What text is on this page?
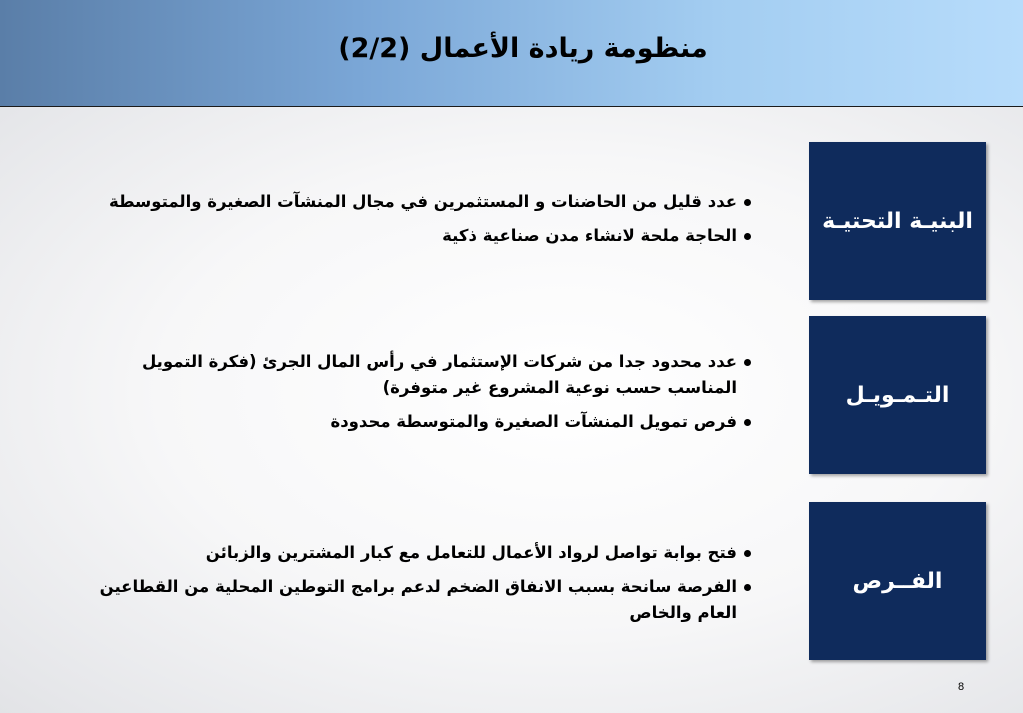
منظومة ريادة الأعمال (2/2)
البنيـة التحتيـة
عدد قليل من الحاضنات و المستثمرين في مجال المنشآت الصغيرة والمتوسطة
الحاجة ملحة لانشاء مدن صناعية ذكية
التـمـويـل
عدد محدود جدا من شركات الإستثمار في رأس المال الجرئ (فكرة التمويل المناسب حسب نوعية المشروع غير متوفرة)
فرص تمويل المنشآت الصغيرة والمتوسطة محدودة
الفــرص
فتح بوابة تواصل لرواد الأعمال للتعامل مع كبار المشترين والزبائن
الفرصة سانحة بسبب الانفاق الضخم لدعم برامج التوطين المحلية من القطاعين العام والخاص
8
